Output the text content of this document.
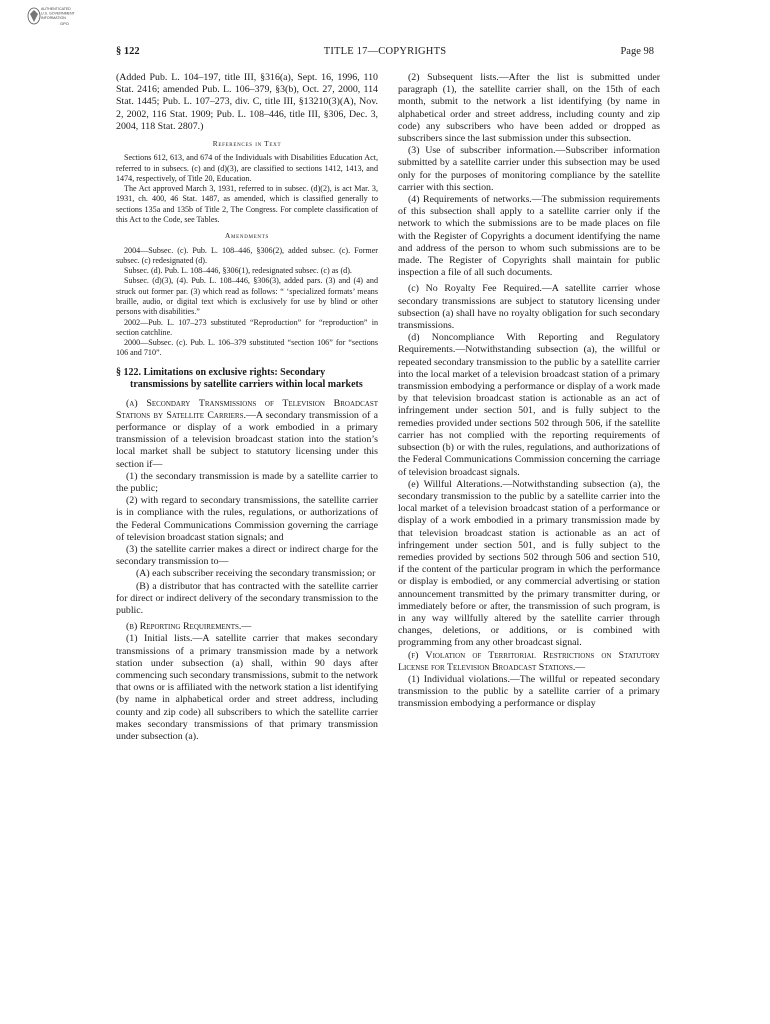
AUTHENTICATED
U.S. GOVERNMENT
INFORMATION
GPO
§ 122	TITLE 17—COPYRIGHTS	Page 98

(Added Pub. L. 104–197, title III, §316(a), Sept. 16, 1996, 110 Stat. 2416; amended Pub. L. 106–379, §3(b), Oct. 27, 2000, 114 Stat. 1445; Pub. L. 107–273, div. C, title III, §13210(3)(A), Nov. 2, 2002, 116 Stat. 1909; Pub. L. 108–446, title III, §306, Dec. 3, 2004, 118 Stat. 2807.)

References in Text

Sections 612, 613, and 674 of the Individuals with Disabilities Education Act, referred to in subsecs. (c) and (d)(3), are classified to sections 1412, 1413, and 1474, respectively, of Title 20, Education.

The Act approved March 3, 1931, referred to in subsec. (d)(2), is act Mar. 3, 1931, ch. 400, 46 Stat. 1487, as amended, which is classified generally to sections 135a and 135b of Title 2, The Congress. For complete classification of this Act to the Code, see Tables.

Amendments

2004—Subsec. (c). Pub. L. 108–446, §306(2), added subsec. (c). Former subsec. (c) redesignated (d).

Subsec. (d). Pub. L. 108–446, §306(1), redesignated subsec. (c) as (d).

Subsec. (d)(3), (4). Pub. L. 108–446, §306(3), added pars. (3) and (4) and struck out former par. (3) which read as follows: “ ‘specialized formats’ means braille, audio, or digital text which is exclusively for use by blind or other persons with disabilities.”

2002—Pub. L. 107–273 substituted “Reproduction” for “reproduction” in section catchline.

2000—Subsec. (c). Pub. L. 106–379 substituted “section 106” for “sections 106 and 710”.

§ 122. Limitations on exclusive rights: Secondary transmissions by satellite carriers within local markets

(a) Secondary Transmissions of Television Broadcast Stations by Satellite Carriers.—A secondary transmission of a performance or display of a work embodied in a primary transmission of a television broadcast station into the station’s local market shall be subject to statutory licensing under this section if—

(1) the secondary transmission is made by a satellite carrier to the public;

(2) with regard to secondary transmissions, the satellite carrier is in compliance with the rules, regulations, or authorizations of the Federal Communications Commission governing the carriage of television broadcast station signals; and

(3) the satellite carrier makes a direct or indirect charge for the secondary transmission to—

(A) each subscriber receiving the secondary transmission; or

(B) a distributor that has contracted with the satellite carrier for direct or indirect delivery of the secondary transmission to the public.

(b) Reporting Requirements.—

(1) Initial lists.—A satellite carrier that makes secondary transmissions of a primary transmission made by a network station under subsection (a) shall, within 90 days after commencing such secondary transmissions, submit to the network that owns or is affiliated with the network station a list identifying (by name in alphabetical order and street address, including county and zip code) all subscribers to which the satellite carrier makes secondary transmissions of that primary transmission under subsection (a).

(2) Subsequent lists.—After the list is submitted under paragraph (1), the satellite carrier shall, on the 15th of each month, submit to the network a list identifying (by name in alphabetical order and street address, including county and zip code) any subscribers who have been added or dropped as subscribers since the last submission under this subsection.

(3) Use of subscriber information.—Subscriber information submitted by a satellite carrier under this subsection may be used only for the purposes of monitoring compliance by the satellite carrier with this section.

(4) Requirements of networks.—The submission requirements of this subsection shall apply to a satellite carrier only if the network to which the submissions are to be made places on file with the Register of Copyrights a document identifying the name and address of the person to whom such submissions are to be made. The Register of Copyrights shall maintain for public inspection a file of all such documents.

(c) No Royalty Fee Required.—A satellite carrier whose secondary transmissions are subject to statutory licensing under subsection (a) shall have no royalty obligation for such secondary transmissions.

(d) Noncompliance With Reporting and Regulatory Requirements.—Notwithstanding subsection (a), the willful or repeated secondary transmission to the public by a satellite carrier into the local market of a television broadcast station of a primary transmission embodying a performance or display of a work made by that television broadcast station is actionable as an act of infringement under section 501, and is fully subject to the remedies provided under sections 502 through 506, if the satellite carrier has not complied with the reporting requirements of subsection (b) or with the rules, regulations, and authorizations of the Federal Communications Commission concerning the carriage of television broadcast signals.

(e) Willful Alterations.—Notwithstanding subsection (a), the secondary transmission to the public by a satellite carrier into the local market of a television broadcast station of a performance or display of a work embodied in a primary transmission made by that television broadcast station is actionable as an act of infringement under section 501, and is fully subject to the remedies provided by sections 502 through 506 and section 510, if the content of the particular program in which the performance or display is embodied, or any commercial advertising or station announcement transmitted by the primary transmitter during, or immediately before or after, the transmission of such program, is in any way willfully altered by the satellite carrier through changes, deletions, or additions, or is combined with programming from any other broadcast signal.

(f) Violation of Territorial Restrictions on Statutory License for Television Broadcast Stations.—

(1) Individual violations.—The willful or repeated secondary transmission to the public by a satellite carrier of a primary transmission embodying a performance or display
